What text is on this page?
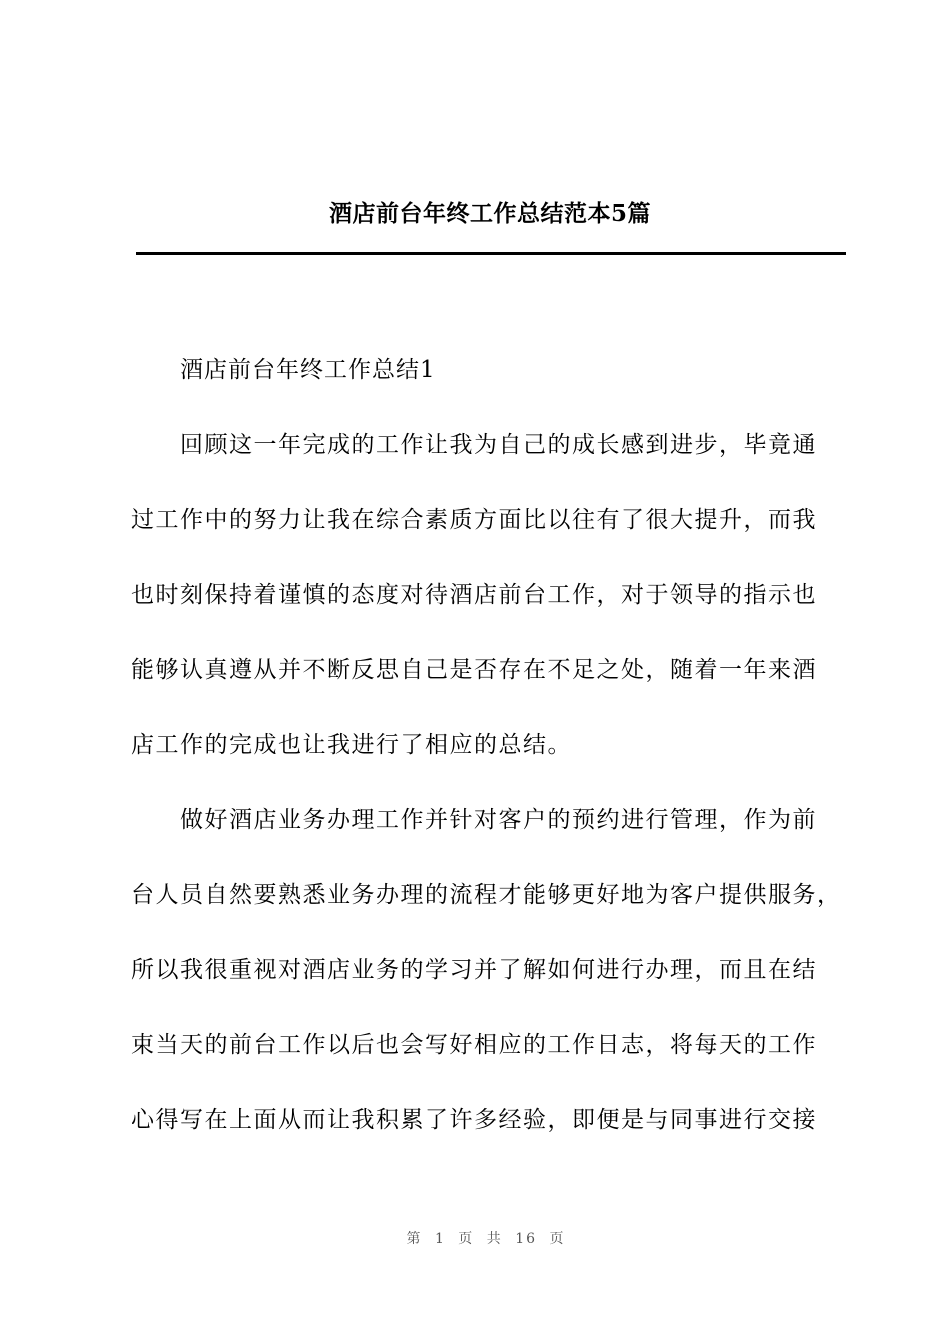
酒店前台年终工作总结范本5篇
酒店前台年终工作总结1
回顾这一年完成的工作让我为自己的成长感到进步，毕竟通
过工作中的努力让我在综合素质方面比以往有了很大提升，而我
也时刻保持着谨慎的态度对待酒店前台工作，对于领导的指示也
能够认真遵从并不断反思自己是否存在不足之处，随着一年来酒
店工作的完成也让我进行了相应的总结。
做好酒店业务办理工作并针对客户的预约进行管理，作为前
台人员自然要熟悉业务办理的流程才能够更好地为客户提供服务，
所以我很重视对酒店业务的学习并了解如何进行办理，而且在结
束当天的前台工作以后也会写好相应的工作日志，将每天的工作
心得写在上面从而让我积累了许多经验，即便是与同事进行交接
第 1 页 共 16 页
